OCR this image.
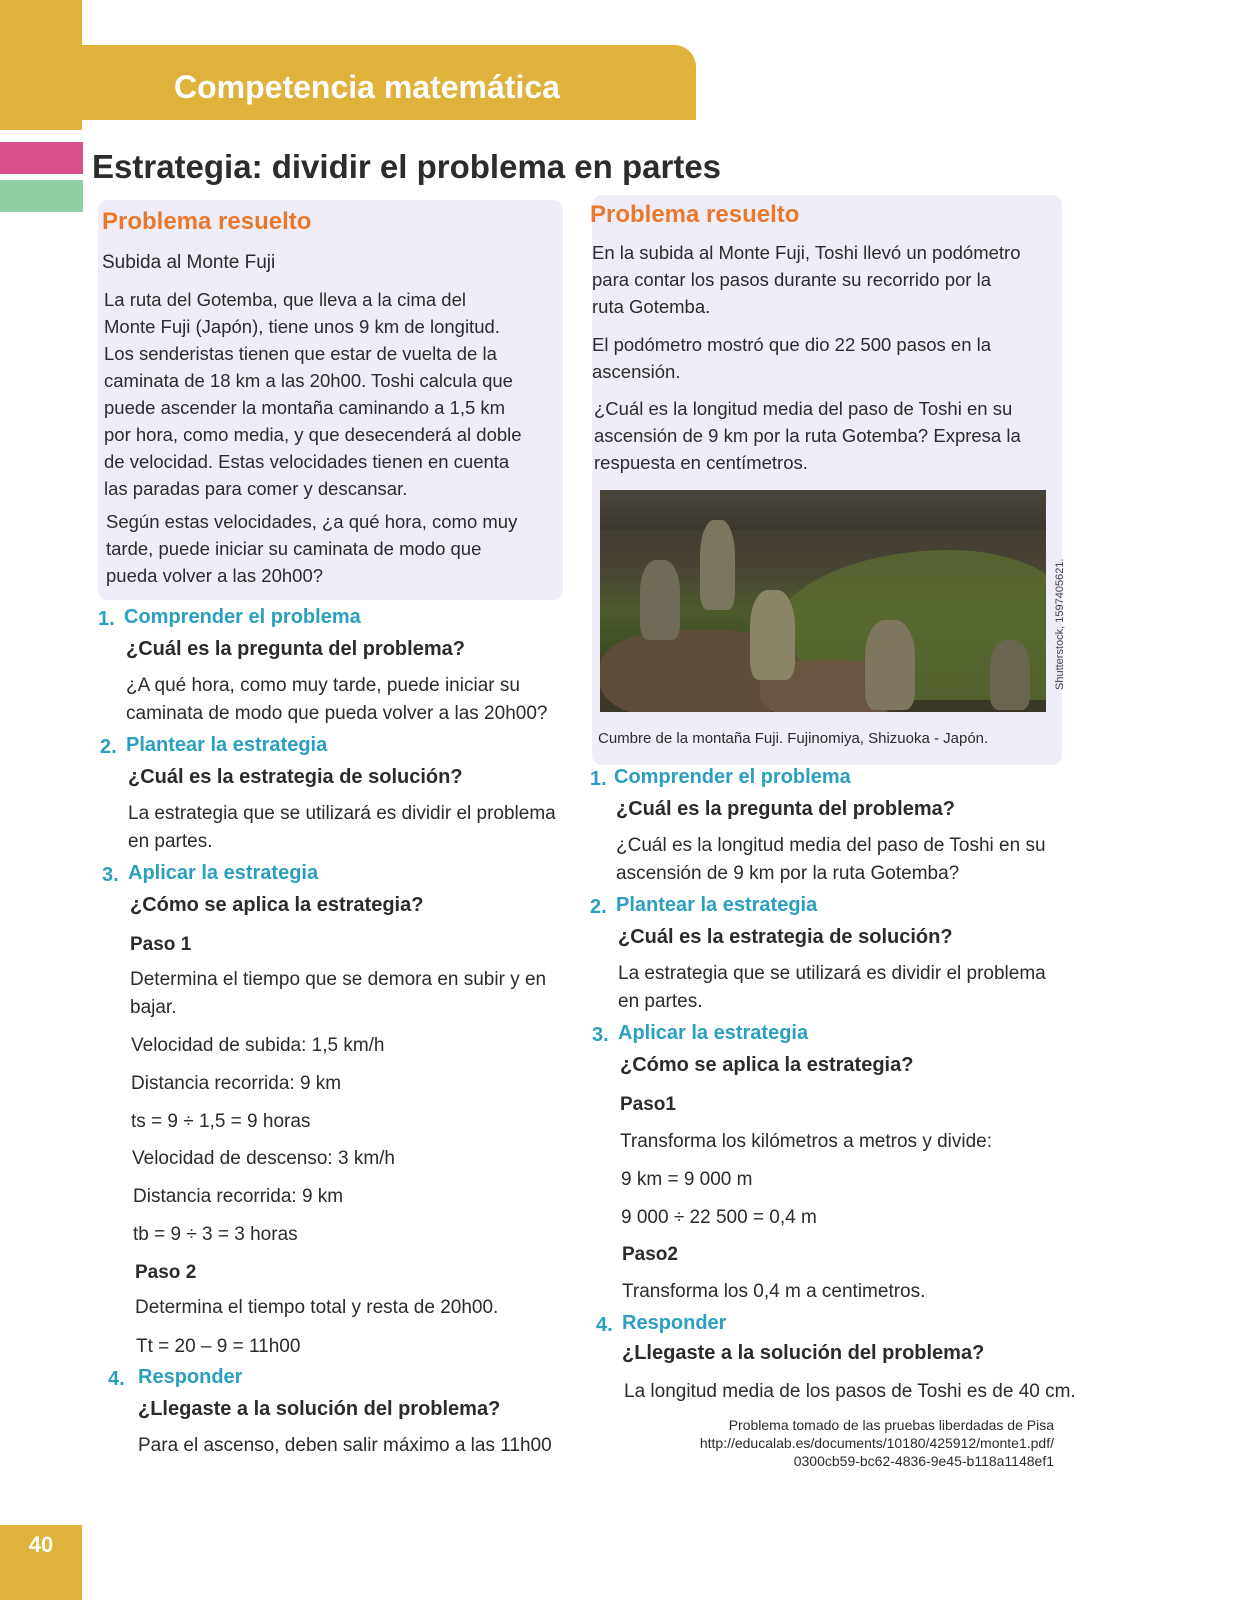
Competencia matemática
Estrategia: dividir el problema en partes
Problema resuelto
Subida al Monte Fuji
La ruta del Gotemba, que lleva a la cima del
Monte Fuji (Japón), tiene unos 9 km de longitud.
Los senderistas tienen que estar de vuelta de la
caminata de 18 km a las 20h00. Toshi calcula que
puede ascender la montaña caminando a 1,5 km
por hora, como media, y que desecenderá al doble
de velocidad. Estas velocidades tienen en cuenta
las paradas para comer y descansar.
Según estas velocidades, ¿a qué hora, como muy
tarde, puede iniciar su caminata de modo que
pueda volver a las 20h00?
1. Comprender el problema
¿Cuál es la pregunta del problema?
¿A qué hora, como muy tarde, puede iniciar su
caminata de modo que pueda volver a las 20h00?
2. Plantear la estrategia
¿Cuál es la estrategia de solución?
La estrategia que se utilizará es dividir el problema
en partes.
3. Aplicar la estrategia
¿Cómo se aplica la estrategia?
Paso 1
Determina el tiempo que se demora en subir y en
bajar.
Velocidad de subida: 1,5 km/h
Distancia recorrida: 9 km
ts = 9 ÷ 1,5 = 9 horas
Velocidad de descenso: 3 km/h
Distancia recorrida: 9 km
tb = 9 ÷ 3 = 3 horas
Paso 2
Determina el tiempo total y resta de 20h00.
Tt = 20 – 9 = 11h00
4. Responder
¿Llegaste a la solución del problema?
Para el ascenso, deben salir máximo a las 11h00
Problema resuelto
En la subida al Monte Fuji, Toshi llevó un podómetro
para contar los pasos durante su recorrido por la
ruta Gotemba.
El podómetro mostró que dio 22 500 pasos en la
ascensión.
¿Cuál es la longitud media del paso de Toshi en su
ascensión de 9 km por la ruta Gotemba? Expresa la
respuesta en centímetros.
Cumbre de la montaña Fuji. Fujinomiya, Shizuoka - Japón.
Shutterstock, 1597405621.
1. Comprender el problema
¿Cuál es la pregunta del problema?
¿Cuál es la longitud media del paso de Toshi en su
ascensión de 9 km por la ruta Gotemba?
2. Plantear la estrategia
¿Cuál es la estrategia de solución?
La estrategia que se utilizará es dividir el problema
en partes.
3. Aplicar la estrategia
¿Cómo se aplica la estrategia?
Paso1
Transforma los kilómetros a metros y divide:
9 km = 9 000 m
9 000 ÷ 22 500 = 0,4 m
Paso2
Transforma los 0,4 m a centimetros.
4. Responder
¿Llegaste a la solución del problema?
La longitud media de los pasos de Toshi es de 40 cm.
Problema tomado de las pruebas liberdadas de Pisa
http://educalab.es/documents/10180/425912/monte1.pdf/
0300cb59-bc62-4836-9e45-b118a1148ef1
40
